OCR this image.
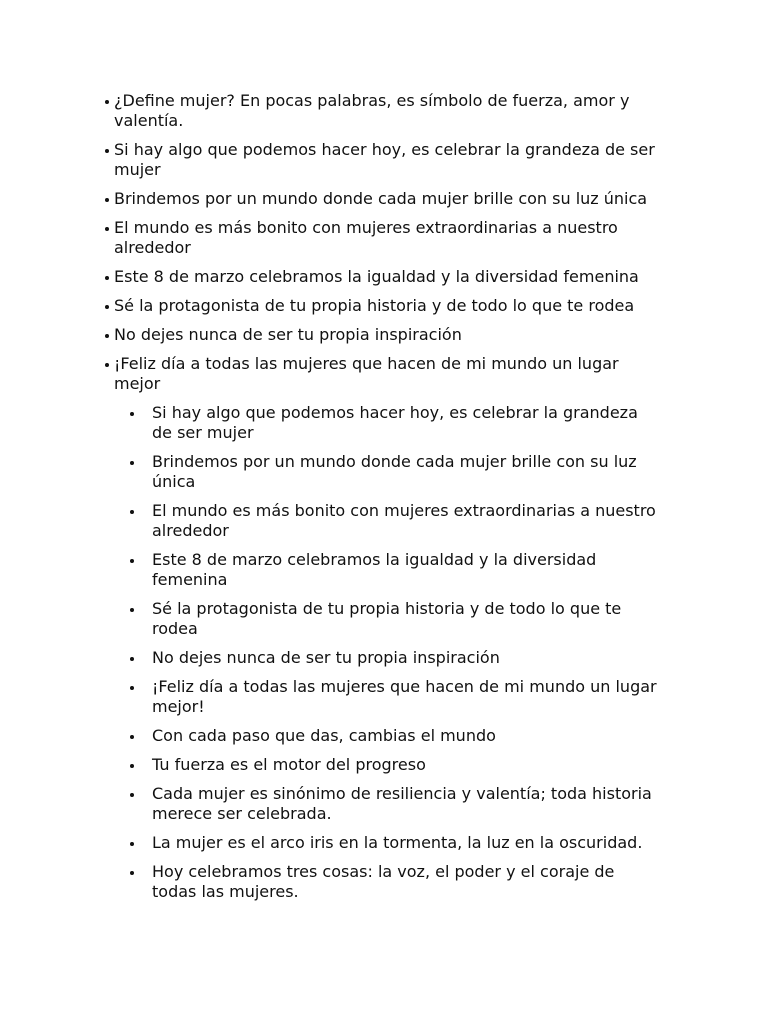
¿Define mujer? En pocas palabras, es símbolo de fuerza, amor y valentía.
Si hay algo que podemos hacer hoy, es celebrar la grandeza de ser mujer
Brindemos por un mundo donde cada mujer brille con su luz única
El mundo es más bonito con mujeres extraordinarias a nuestro alrededor
Este 8 de marzo celebramos la igualdad y la diversidad femenina
Sé la protagonista de tu propia historia y de todo lo que te rodea
No dejes nunca de ser tu propia inspiración
¡Feliz día a todas las mujeres que hacen de mi mundo un lugar mejor
Si hay algo que podemos hacer hoy, es celebrar la grandeza de ser mujer
Brindemos por un mundo donde cada mujer brille con su luz única
El mundo es más bonito con mujeres extraordinarias a nuestro alrededor
Este 8 de marzo celebramos la igualdad y la diversidad femenina
Sé la protagonista de tu propia historia y de todo lo que te rodea
No dejes nunca de ser tu propia inspiración
¡Feliz día a todas las mujeres que hacen de mi mundo un lugar mejor!
Con cada paso que das, cambias el mundo
Tu fuerza es el motor del progreso
Cada mujer es sinónimo de resiliencia y valentía; toda historia merece ser celebrada.
La mujer es el arco iris en la tormenta, la luz en la oscuridad.
Hoy celebramos tres cosas: la voz, el poder y el coraje de todas las mujeres.
